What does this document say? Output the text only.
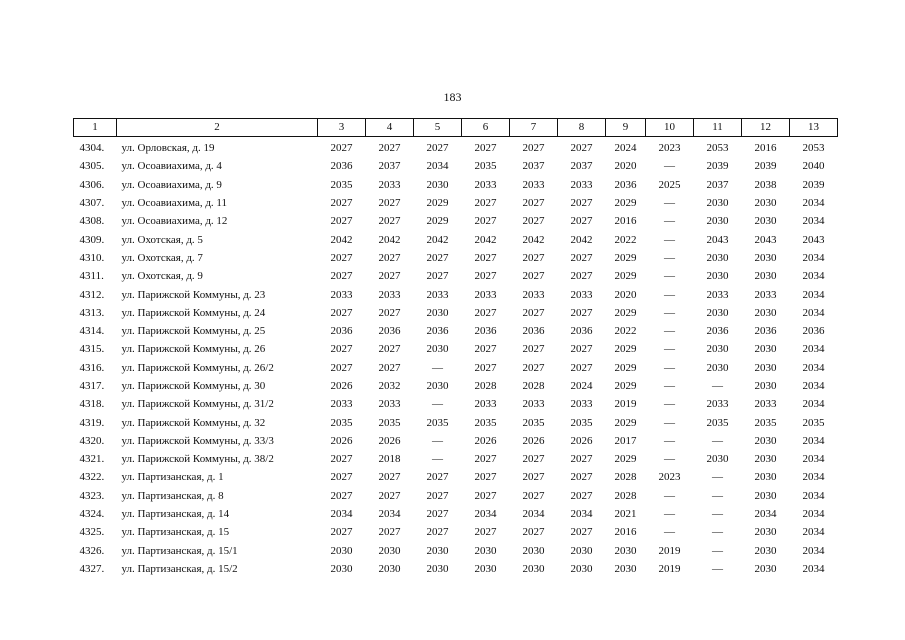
183
1	2	3	4	5	6	7	8	9	10	11	12	13
4304.	ул. Орловская, д. 19	2027	2027	2027	2027	2027	2027	2024	2023	2053	2016	2053
4305.	ул. Осоавиахима, д. 4	2036	2037	2034	2035	2037	2037	2020	—	2039	2039	2040
4306.	ул. Осоавиахима, д. 9	2035	2033	2030	2033	2033	2033	2036	2025	2037	2038	2039
4307.	ул. Осоавиахима, д. 11	2027	2027	2029	2027	2027	2027	2029	—	2030	2030	2034
4308.	ул. Осоавиахима, д. 12	2027	2027	2029	2027	2027	2027	2016	—	2030	2030	2034
4309.	ул. Охотская, д. 5	2042	2042	2042	2042	2042	2042	2022	—	2043	2043	2043
4310.	ул. Охотская, д. 7	2027	2027	2027	2027	2027	2027	2029	—	2030	2030	2034
4311.	ул. Охотская, д. 9	2027	2027	2027	2027	2027	2027	2029	—	2030	2030	2034
4312.	ул. Парижской Коммуны, д. 23	2033	2033	2033	2033	2033	2033	2020	—	2033	2033	2034
4313.	ул. Парижской Коммуны, д. 24	2027	2027	2030	2027	2027	2027	2029	—	2030	2030	2034
4314.	ул. Парижской Коммуны, д. 25	2036	2036	2036	2036	2036	2036	2022	—	2036	2036	2036
4315.	ул. Парижской Коммуны, д. 26	2027	2027	2030	2027	2027	2027	2029	—	2030	2030	2034
4316.	ул. Парижской Коммуны, д. 26/2	2027	2027	—	2027	2027	2027	2029	—	2030	2030	2034
4317.	ул. Парижской Коммуны, д. 30	2026	2032	2030	2028	2028	2024	2029	—	—	2030	2034
4318.	ул. Парижской Коммуны, д. 31/2	2033	2033	—	2033	2033	2033	2019	—	2033	2033	2034
4319.	ул. Парижской Коммуны, д. 32	2035	2035	2035	2035	2035	2035	2029	—	2035	2035	2035
4320.	ул. Парижской Коммуны, д. 33/3	2026	2026	—	2026	2026	2026	2017	—	—	2030	2034
4321.	ул. Парижской Коммуны, д. 38/2	2027	2018	—	2027	2027	2027	2029	—	2030	2030	2034
4322.	ул. Партизанская, д. 1	2027	2027	2027	2027	2027	2027	2028	2023	—	2030	2034
4323.	ул. Партизанская, д. 8	2027	2027	2027	2027	2027	2027	2028	—	—	2030	2034
4324.	ул. Партизанская, д. 14	2034	2034	2027	2034	2034	2034	2021	—	—	2034	2034
4325.	ул. Партизанская, д. 15	2027	2027	2027	2027	2027	2027	2016	—	—	2030	2034
4326.	ул. Партизанская, д. 15/1	2030	2030	2030	2030	2030	2030	2030	2019	—	2030	2034
4327.	ул. Партизанская, д. 15/2	2030	2030	2030	2030	2030	2030	2030	2019	—	2030	2034
